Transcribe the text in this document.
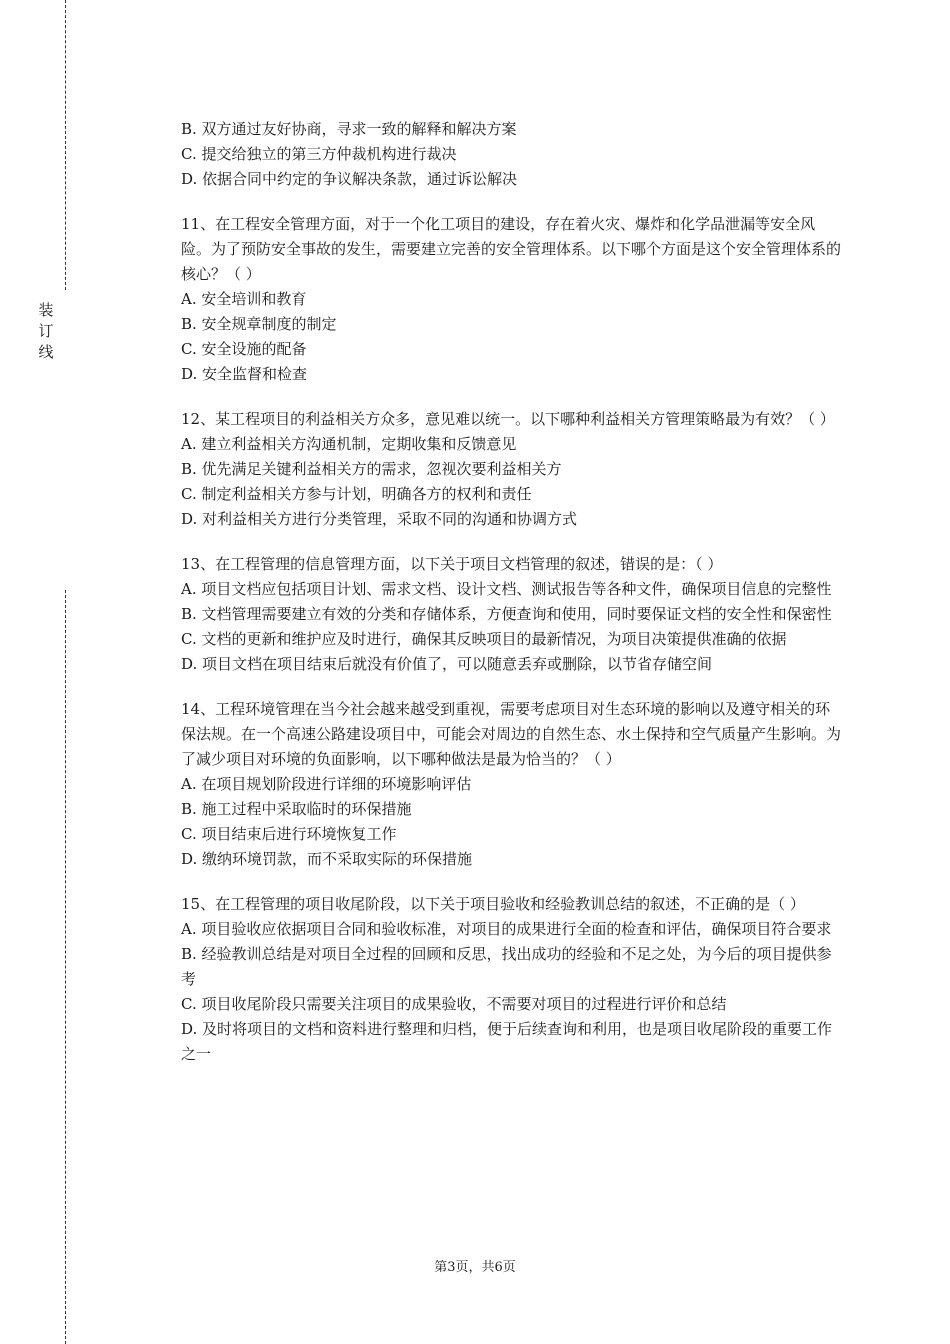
装
订
线

B. 双方通过友好协商，寻求一致的解释和解决方案

C. 提交给独立的第三方仲裁机构进行裁决

D. 依据合同中约定的争议解决条款，通过诉讼解决

11、在工程安全管理方面，对于一个化工项目的建设，存在着火灾、爆炸和化学品泄漏等安全风险。为了预防安全事故的发生，需要建立完善的安全管理体系。以下哪个方面是这个安全管理体系的核心？（ ）

A. 安全培训和教育

B. 安全规章制度的制定

C. 安全设施的配备

D. 安全监督和检查

12、某工程项目的利益相关方众多，意见难以统一。以下哪种利益相关方管理策略最为有效？（ ）

A. 建立利益相关方沟通机制，定期收集和反馈意见

B. 优先满足关键利益相关方的需求，忽视次要利益相关方

C. 制定利益相关方参与计划，明确各方的权利和责任

D. 对利益相关方进行分类管理，采取不同的沟通和协调方式

13、在工程管理的信息管理方面，以下关于项目文档管理的叙述，错误的是：（ ）

A. 项目文档应包括项目计划、需求文档、设计文档、测试报告等各种文件，确保项目信息的完整性

B. 文档管理需要建立有效的分类和存储体系，方便查询和使用，同时要保证文档的安全性和保密性

C. 文档的更新和维护应及时进行，确保其反映项目的最新情况，为项目决策提供准确的依据

D. 项目文档在项目结束后就没有价值了，可以随意丢弃或删除，以节省存储空间

14、工程环境管理在当今社会越来越受到重视，需要考虑项目对生态环境的影响以及遵守相关的环保法规。在一个高速公路建设项目中，可能会对周边的自然生态、水土保持和空气质量产生影响。为了减少项目对环境的负面影响，以下哪种做法是最为恰当的？（ ）

A. 在项目规划阶段进行详细的环境影响评估

B. 施工过程中采取临时的环保措施

C. 项目结束后进行环境恢复工作

D. 缴纳环境罚款，而不采取实际的环保措施

15、在工程管理的项目收尾阶段，以下关于项目验收和经验教训总结的叙述，不正确的是（ ）

A. 项目验收应依据项目合同和验收标准，对项目的成果进行全面的检查和评估，确保项目符合要求

B. 经验教训总结是对项目全过程的回顾和反思，找出成功的经验和不足之处，为今后的项目提供参考

C. 项目收尾阶段只需要关注项目的成果验收，不需要对项目的过程进行评价和总结

D. 及时将项目的文档和资料进行整理和归档，便于后续查询和利用，也是项目收尾阶段的重要工作之一

第3页，共6页
